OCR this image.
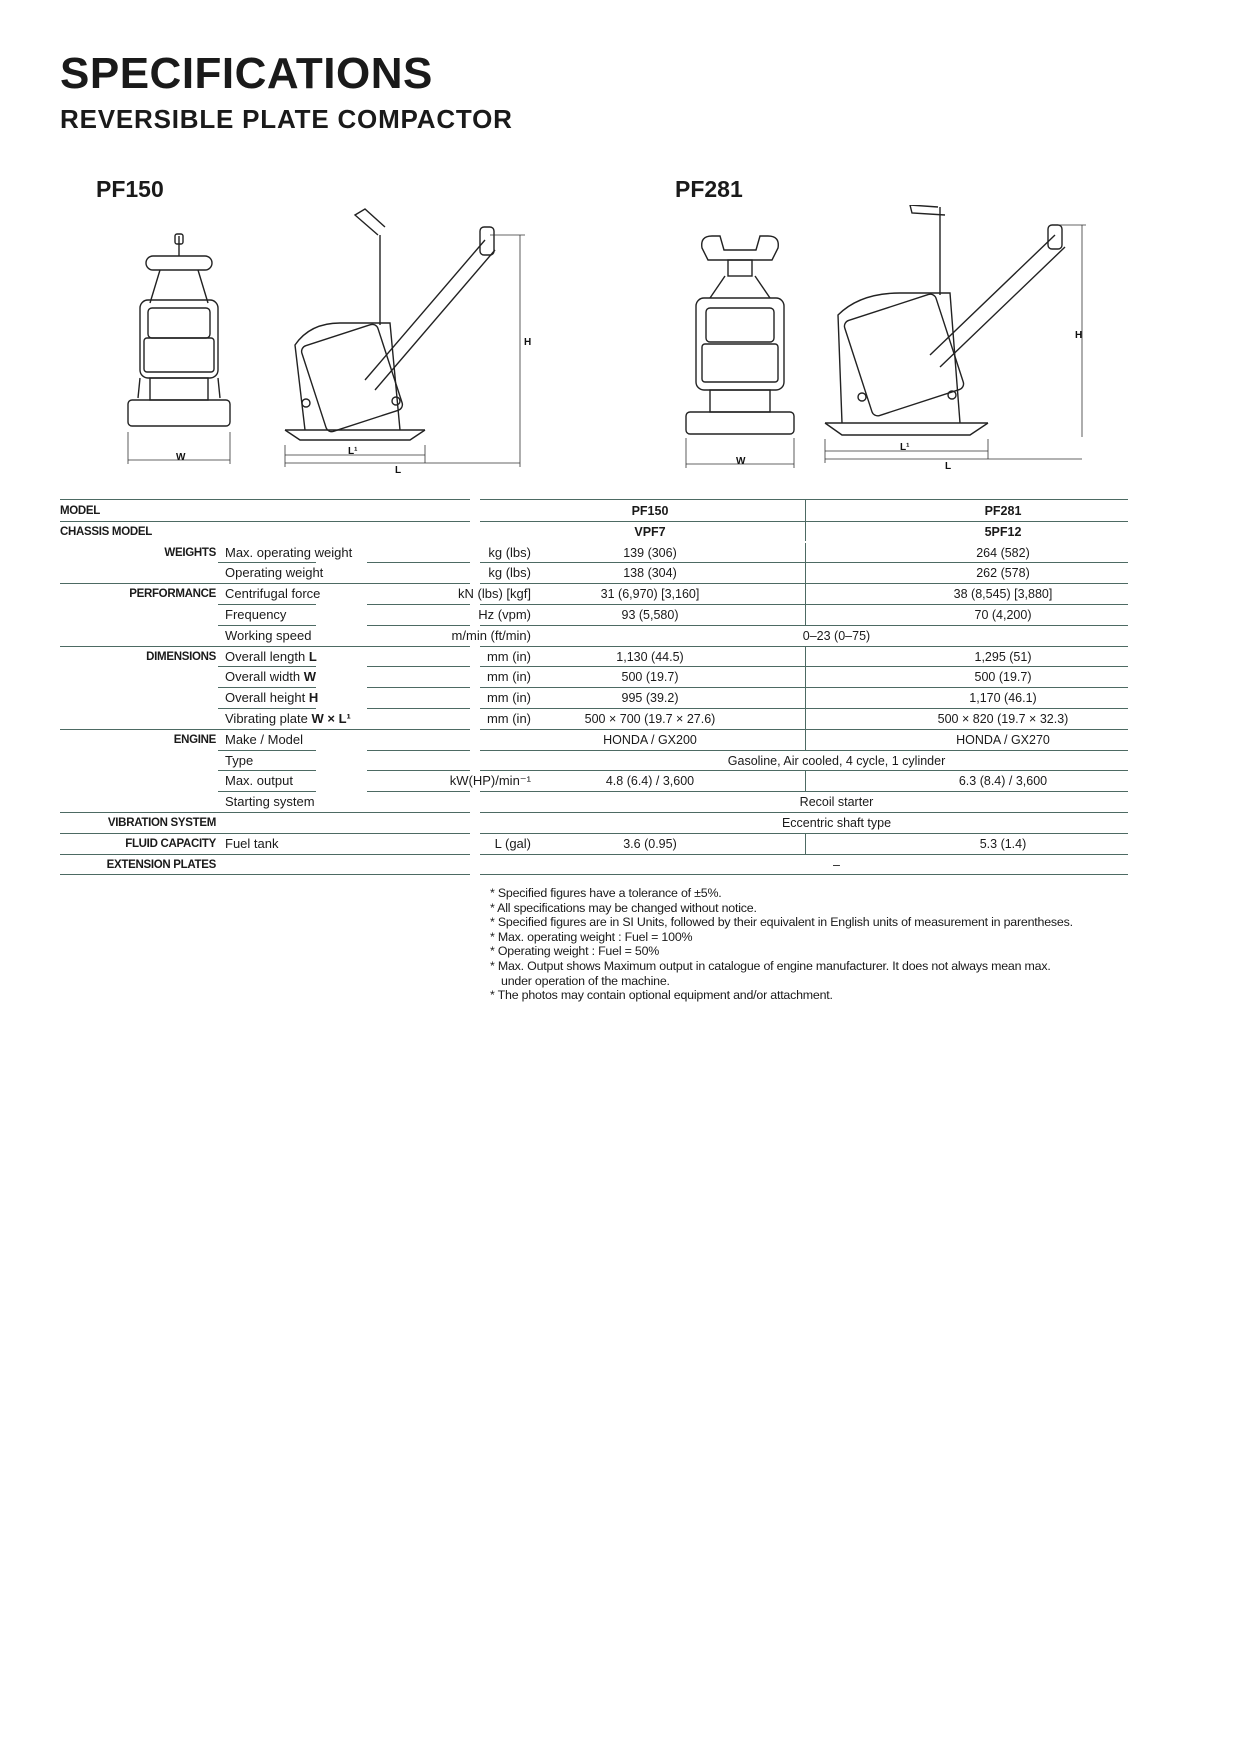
SPECIFICATIONS
REVERSIBLE PLATE COMPACTOR
PF150	PF281
W
L¹
L
H
W
L¹
L
H
MODEL	PF150	PF281
CHASSIS MODEL	VPF7	5PF12
WEIGHTS Max. operating weight	kg (lbs)	139 (306)	264 (582)
Operating weight	kg (lbs)	138 (304)	262 (578)
PERFORMANCE Centrifugal force	kN (lbs) [kgf]	31 (6,970) [3,160]	38 (8,545) [3,880]
Frequency	Hz (vpm)	93 (5,580)	70 (4,200)
Working speed	m/min (ft/min)	0–23 (0–75)
DIMENSIONS Overall length L	mm (in)	1,130 (44.5)	1,295 (51)
Overall width W	mm (in)	500 (19.7)	500 (19.7)
Overall height H	mm (in)	995 (39.2)	1,170 (46.1)
Vibrating plate W × L¹	mm (in)	500 × 700 (19.7 × 27.6)	500 × 820 (19.7 × 32.3)
ENGINE Make / Model	HONDA / GX200	HONDA / GX270
Type	Gasoline, Air cooled, 4 cycle, 1 cylinder
Max. output	kW(HP)/min⁻¹	4.8 (6.4) / 3,600	6.3 (8.4) / 3,600
Starting system	Recoil starter
VIBRATION SYSTEM	Eccentric shaft type
FLUID CAPACITY Fuel tank	L (gal)	3.6 (0.95)	5.3 (1.4)
EXTENSION PLATES	–
* Specified figures have a tolerance of ±5%.
* All specifications may be changed without notice.
* Specified figures are in SI Units, followed by their equivalent in English units of measurement in parentheses.
* Max. operating weight : Fuel = 100%
* Operating weight : Fuel = 50%
* Max. Output shows Maximum output in catalogue of engine manufacturer. It does not always mean max.
under operation of the machine.
* The photos may contain optional equipment and/or attachment.
